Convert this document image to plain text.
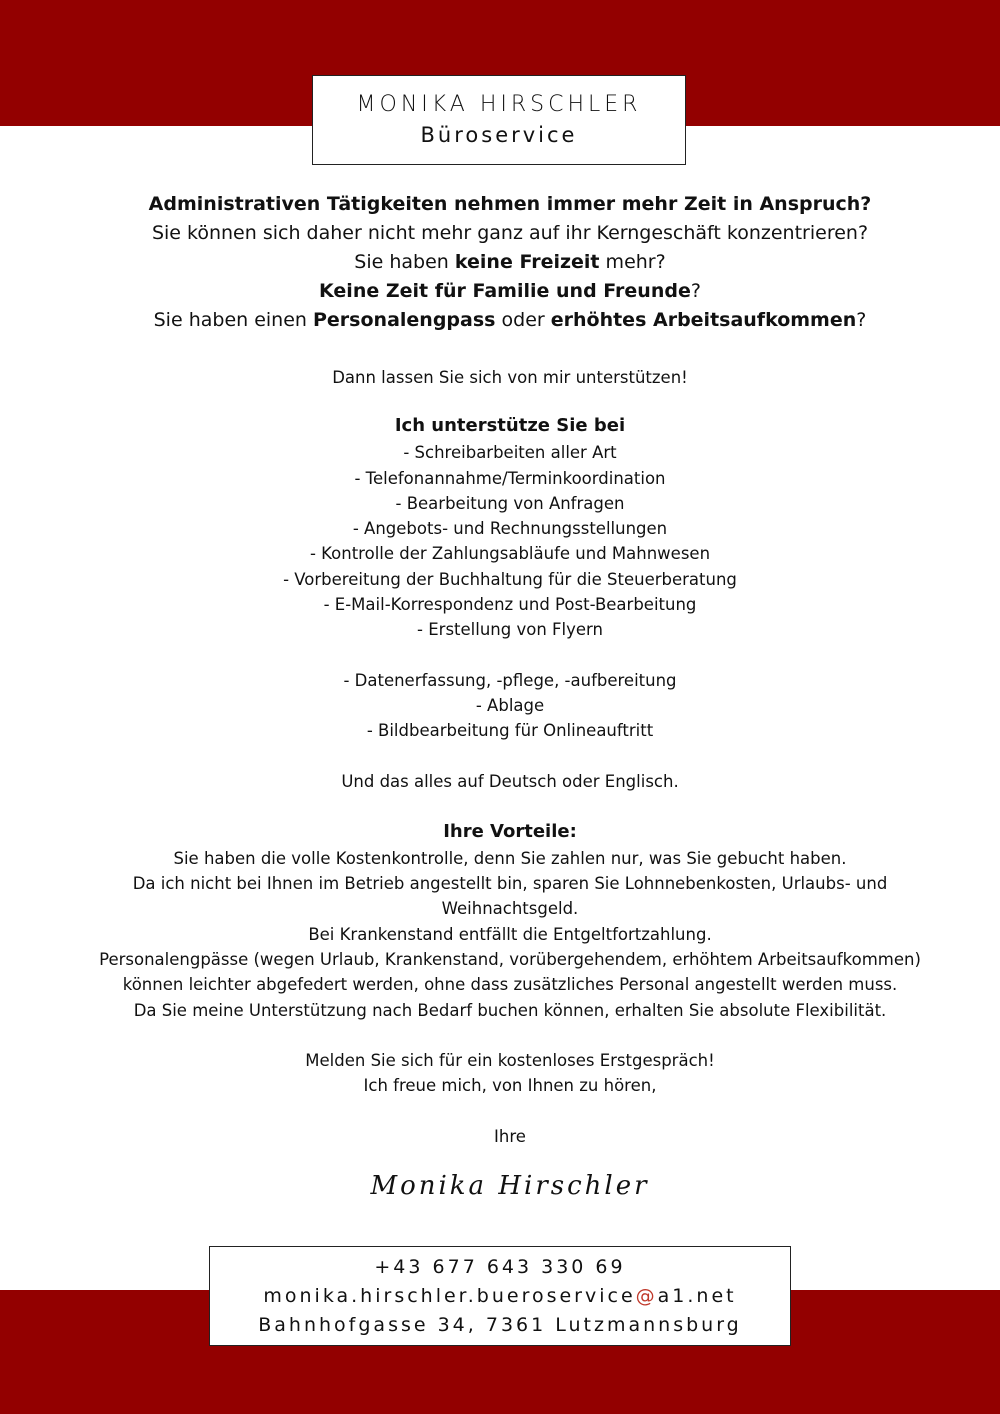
MONIKA HIRSCHLER
Büroservice

Administrativen Tätigkeiten nehmen immer mehr Zeit in Anspruch?

Sie können sich daher nicht mehr ganz auf ihr Kerngeschäft konzentrieren?

Sie haben keine Freizeit mehr?

Keine Zeit für Familie und Freunde?

Sie haben einen Personalengpass oder erhöhtes Arbeitsaufkommen?

Dann lassen Sie sich von mir unterstützen!

Ich unterstütze Sie bei

- Schreibarbeiten aller Art

- Telefonannahme/Terminkoordination

- Bearbeitung von Anfragen

- Angebots- und Rechnungsstellungen

- Kontrolle der Zahlungsabläufe und Mahnwesen

- Vorbereitung der Buchhaltung für die Steuerberatung

- E-Mail-Korrespondenz und Post-Bearbeitung

- Erstellung von Flyern

- Datenerfassung, -pflege, -aufbereitung

- Ablage

- Bildbearbeitung für Onlineauftritt

Und das alles auf Deutsch oder Englisch.

Ihre Vorteile:

Sie haben die volle Kostenkontrolle, denn Sie zahlen nur, was Sie gebucht haben.

Da ich nicht bei Ihnen im Betrieb angestellt bin, sparen Sie Lohnnebenkosten, Urlaubs- und

Weihnachtsgeld.

Bei Krankenstand entfällt die Entgeltfortzahlung.

Personalengpässe (wegen Urlaub, Krankenstand, vorübergehendem, erhöhtem Arbeitsaufkommen)

können leichter abgefedert werden, ohne dass zusätzliches Personal angestellt werden muss.

Da Sie meine Unterstützung nach Bedarf buchen können, erhalten Sie absolute Flexibilität.

Melden Sie sich für ein kostenloses Erstgespräch!

Ich freue mich, von Ihnen zu hören,

Ihre

Monika Hirschler
+43 677 643 330 69
monika.hirschler.bueroservice@a1.net
Bahnhofgasse 34, 7361 Lutzmannsburg
